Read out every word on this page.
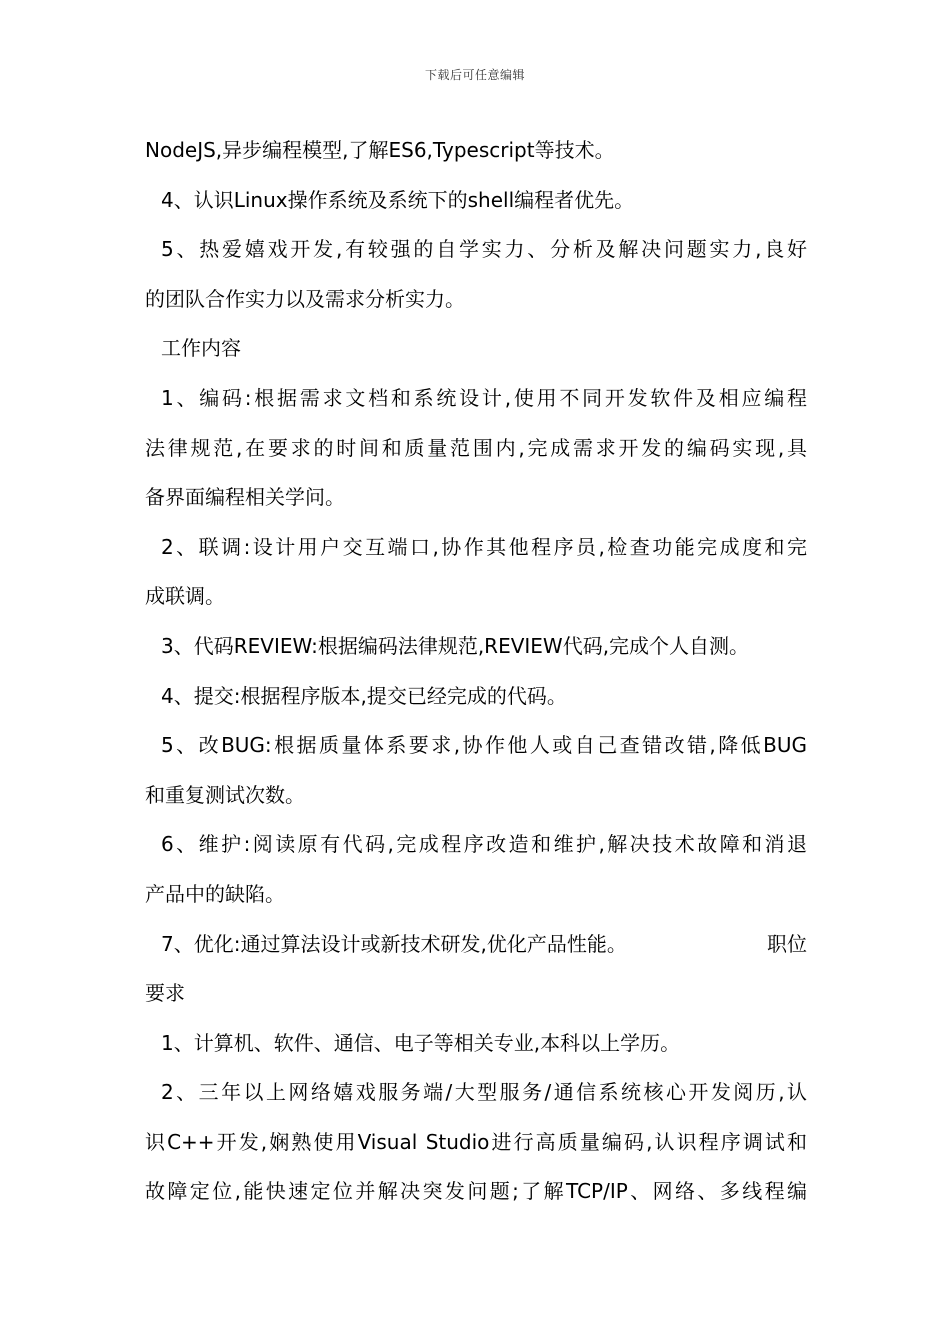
下载后可任意编辑
NodeJS,异步编程模型,了解ES6,Typescript等技术。
4、认识Linux操作系统及系统下的shell编程者优先。
5、热爱嬉戏开发,有较强的自学实力、分析及解决问题实力,良好
的团队合作实力以及需求分析实力。
工作内容
1、编码:根据需求文档和系统设计,使用不同开发软件及相应编程
法律规范,在要求的时间和质量范围内,完成需求开发的编码实现,具
备界面编程相关学问。
2、联调:设计用户交互端口,协作其他程序员,检查功能完成度和完
成联调。
3、代码REVIEW:根据编码法律规范,REVIEW代码,完成个人自测。
4、提交:根据程序版本,提交已经完成的代码。
5、改BUG:根据质量体系要求,协作他人或自己查错改错,降低BUG
和重复测试次数。
6、维护:阅读原有代码,完成程序改造和维护,解决技术故障和消退
产品中的缺陷。
7、优化:通过算法设计或新技术研发,优化产品性能。	职位
要求
1、计算机、软件、通信、电子等相关专业,本科以上学历。
2、三年以上网络嬉戏服务端/大型服务/通信系统核心开发阅历,认
识C++开发,娴熟使用Visual Studio进行高质量编码,认识程序调试和
故障定位,能快速定位并解决突发问题;了解TCP/IP、网络、多线程编
